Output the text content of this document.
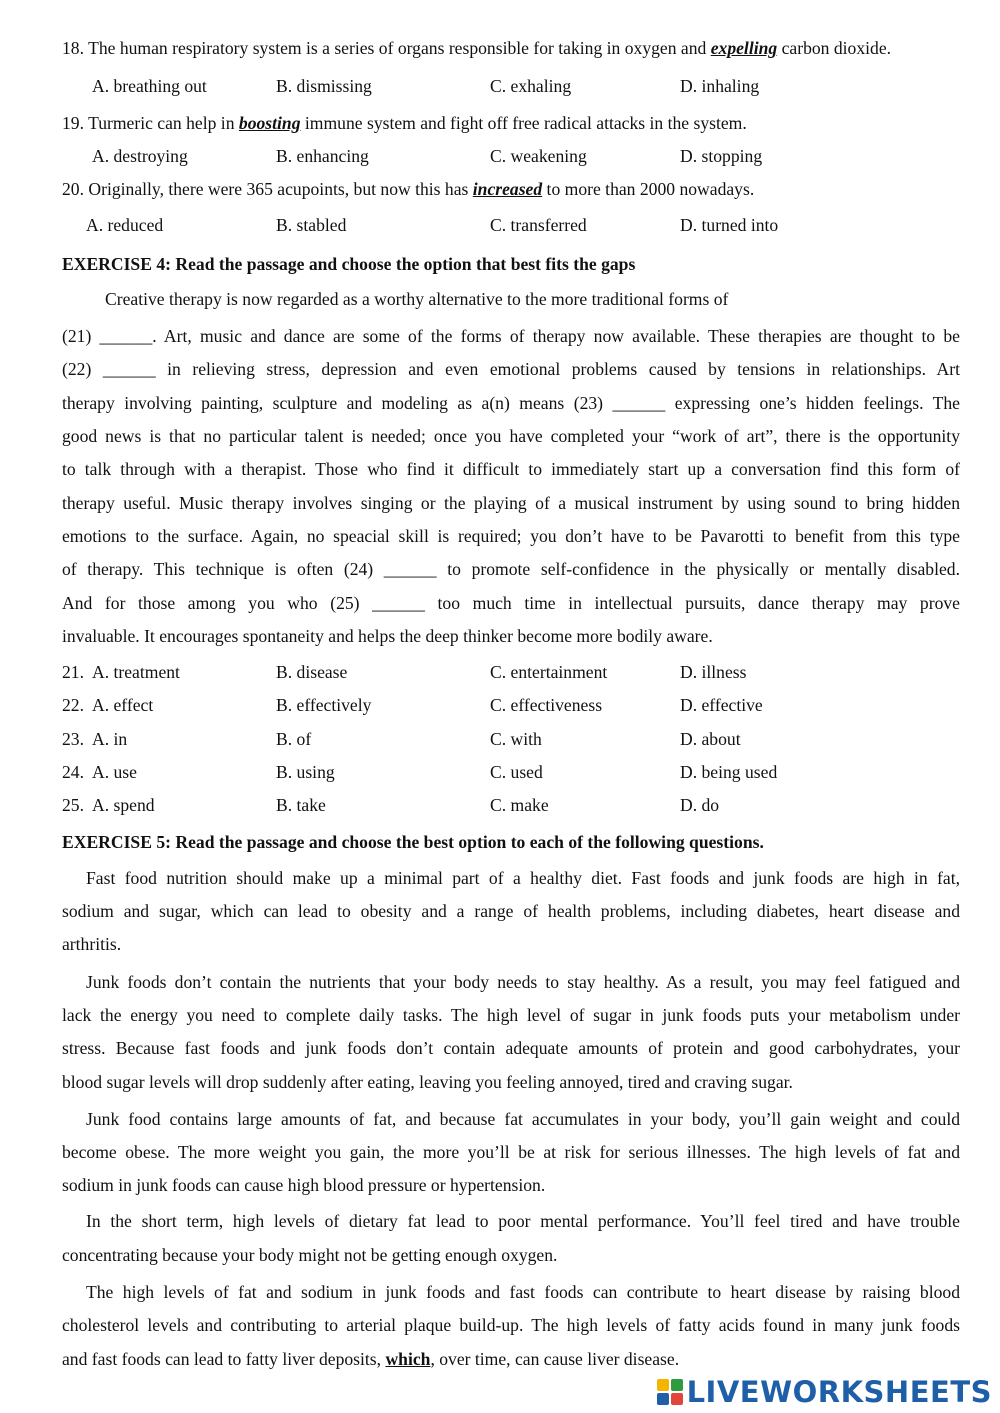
18. The human respiratory system is a series of organs responsible for taking in oxygen and expelling carbon dioxide.
A. breathing out	B. dismissing	C. exhaling	D. inhaling
19. Turmeric can help in boosting immune system and fight off free radical attacks in the system.
A. destroying	B. enhancing	C. weakening	D. stopping
20. Originally, there were 365 acupoints, but now this has increased to more than 2000 nowadays.
A. reduced	B. stabled	C. transferred	D. turned into
EXERCISE 4: Read the passage and choose the option that best fits the gaps
Creative therapy is now regarded as a worthy alternative to the more traditional forms of
(21) ______. Art, music and dance are some of the forms of therapy now available. These therapies are thought to be
(22) ______ in relieving stress, depression and even emotional problems caused by tensions in relationships. Art
therapy involving painting, sculpture and modeling as a(n) means (23) ______ expressing one’s hidden feelings. The
good news is that no particular talent is needed; once you have completed your “work of art”, there is the opportunity
to talk through with a therapist. Those who find it difficult to immediately start up a conversation find this form of
therapy useful. Music therapy involves singing or the playing of a musical instrument by using sound to bring hidden
emotions to the surface. Again, no speacial skill is required; you don’t have to be Pavarotti to benefit from this type
of therapy. This technique is often (24) ______ to promote self-confidence in the physically or mentally disabled.
And for those among you who (25) ______ too much time in intellectual pursuits, dance therapy may prove
invaluable. It encourages spontaneity and helps the deep thinker become more bodily aware.
21. A. treatment	B. disease	C. entertainment	D. illness
22. A. effect	B. effectively	C. effectiveness	D. effective
23. A. in	B. of	C. with	D. about
24. A. use	B. using	C. used	D. being used
25. A. spend	B. take	C. make	D. do
EXERCISE 5: Read the passage and choose the best option to each of the following questions.
Fast food nutrition should make up a minimal part of a healthy diet. Fast foods and junk foods are high in fat,
sodium and sugar, which can lead to obesity and a range of health problems, including diabetes, heart disease and
arthritis.
Junk foods don’t contain the nutrients that your body needs to stay healthy. As a result, you may feel fatigued and
lack the energy you need to complete daily tasks. The high level of sugar in junk foods puts your metabolism under
stress. Because fast foods and junk foods don’t contain adequate amounts of protein and good carbohydrates, your
blood sugar levels will drop suddenly after eating, leaving you feeling annoyed, tired and craving sugar.
Junk food contains large amounts of fat, and because fat accumulates in your body, you’ll gain weight and could
become obese. The more weight you gain, the more you’ll be at risk for serious illnesses. The high levels of fat and
sodium in junk foods can cause high blood pressure or hypertension.
In the short term, high levels of dietary fat lead to poor mental performance. You’ll feel tired and have trouble
concentrating because your body might not be getting enough oxygen.
The high levels of fat and sodium in junk foods and fast foods can contribute to heart disease by raising blood
cholesterol levels and contributing to arterial plaque build-up. The high levels of fatty acids found in many junk foods
and fast foods can lead to fatty liver deposits, which, over time, can cause liver disease.
LIVEWORKSHEETS
